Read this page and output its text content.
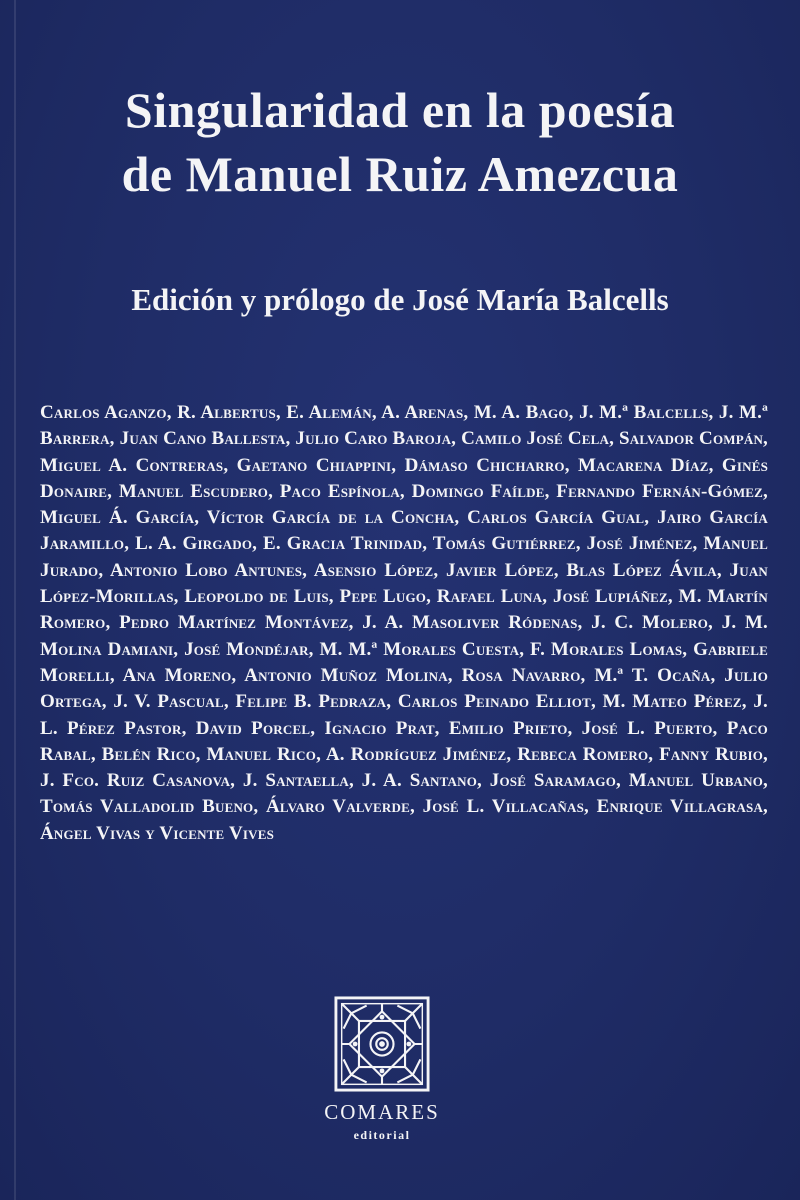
Singularidad en la poesía
de Manuel Ruiz Amezcua
Edición y prólogo de José María Balcells

Carlos Aganzo, R. Albertus, E. Alemán, A. Arenas, M. A. Bago, J. M.ª Balcells, J. M.ª Barrera, Juan Cano Ballesta, Julio Caro Baroja, Camilo José Cela, Salvador Compán, Miguel A. Contreras, Gaetano Chiappini, Dámaso Chicharro, Macarena Díaz, Ginés Donaire, Manuel Escudero, Paco Espínola, Domingo Faílde, Fernando Fernán-Gómez, Miguel Á. García, Víctor García de la Concha, Carlos García Gual, Jairo García Jaramillo, L. A. Girgado, E. Gracia Trinidad, Tomás Gutiérrez, José Jiménez, Manuel Jurado, Antonio Lobo Antunes, Asensio López, Javier López, Blas López Ávila, Juan López-Morillas, Leopoldo de Luis, Pepe Lugo, Rafael Luna, José Lupiáñez, M. Martín Romero, Pedro Martínez Montávez, J. A. Masoliver Ródenas, J. C. Molero, J. M. Molina Damiani, José Mondéjar, M. M.ª Morales Cuesta, F. Morales Lomas, Gabriele Morelli, Ana Moreno, Antonio Muñoz Molina, Rosa Navarro, M.ª T. Ocaña, Julio Ortega, J. V. Pascual, Felipe B. Pedraza, Carlos Peinado Elliot, M. Mateo Pérez, J. L. Pérez Pastor, David Porcel, Ignacio Prat, Emilio Prieto, José L. Puerto, Paco Rabal, Belén Rico, Manuel Rico, A. Rodríguez Jiménez, Rebeca Romero, Fanny Rubio, J. Fco. Ruiz Casanova, J. Santaella, J. A. Santano, José Saramago, Manuel Urbano, Tomás Valladolid Bueno, Álvaro Valverde, José L. Villacañas, Enrique Villagrasa, Ángel Vivas y Vicente Vives

COMARES

editorial
